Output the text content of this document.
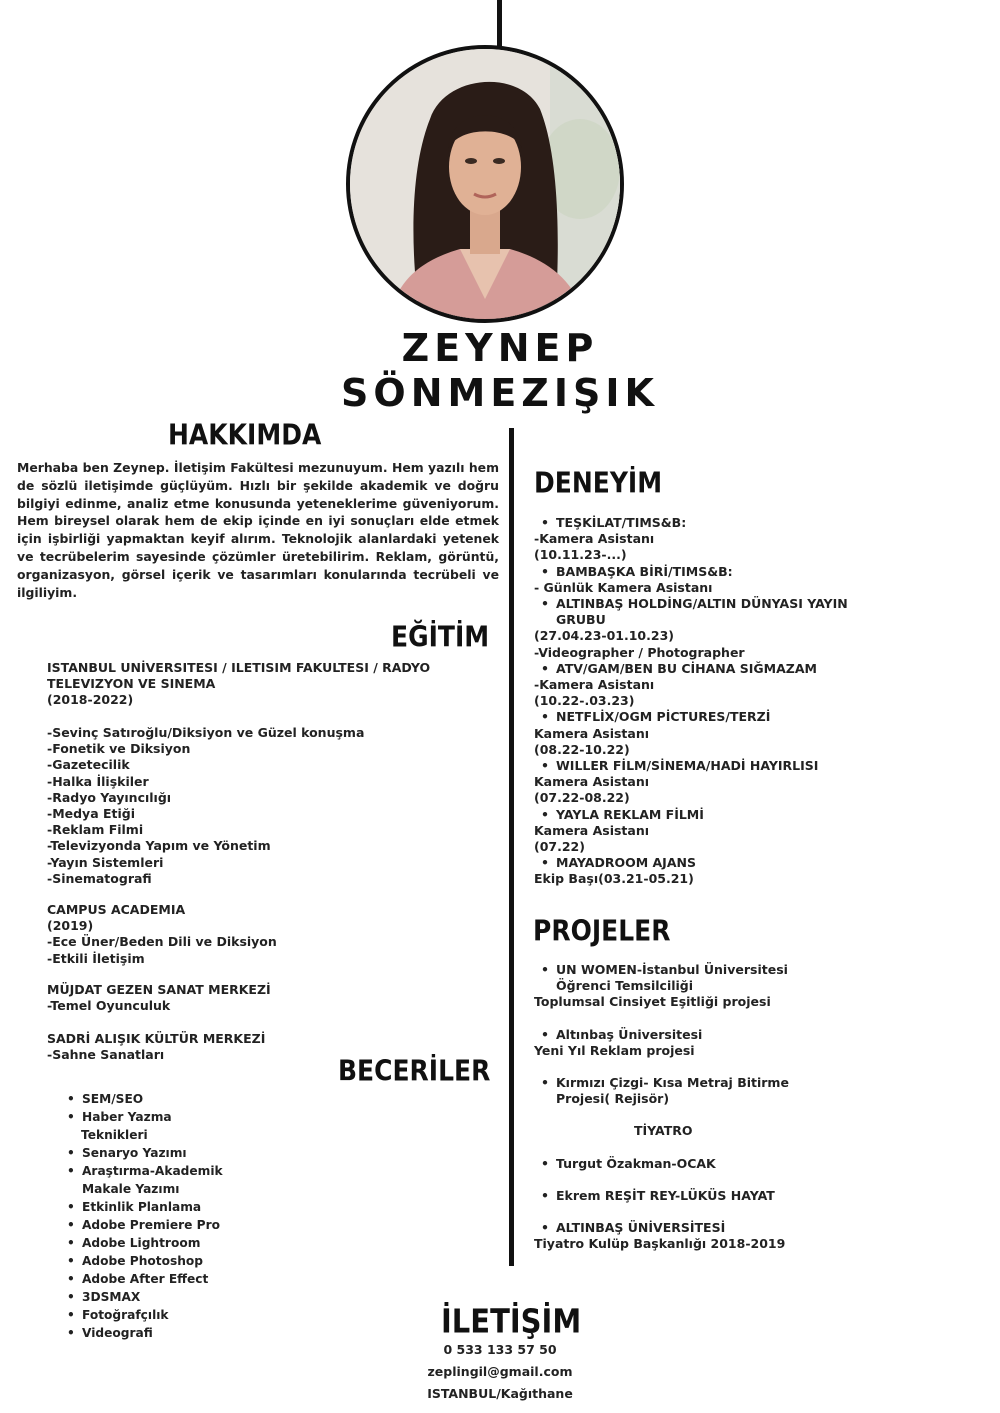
ZEYNEP
SÖNMEZIŞIK
HAKKIMDA
Merhaba ben Zeynep. İletişim Fakültesi mezunuyum. Hem yazılı hem de sözlü iletişimde güçlüyüm. Hızlı bir şekilde akademik ve doğru bilgiyi edinme, analiz etme konusunda yeteneklerime güveniyorum. Hem bireysel olarak hem de ekip içinde en iyi sonuçları elde etmek için işbirliği yapmaktan keyif alırım. Teknolojik alanlardaki yetenek ve tecrübelerim sayesinde çözümler üretebilirim. Reklam, görüntü, organizasyon, görsel içerik ve tasarımları konularında tecrübeli ve ilgiliyim.
EĞİTİM
ISTANBUL UNİVERSITESI / ILETISIM FAKULTESI / RADYO
TELEVIZYON VE SINEMA
(2018-2022)
-Sevinç Satıroğlu/Diksiyon ve Güzel konuşma
-Fonetik ve Diksiyon
-Gazetecilik
-Halka İlişkiler
-Radyo Yayıncılığı
-Medya Etiği
-Reklam Filmi
-Televizyonda Yapım ve Yönetim
-Yayın Sistemleri
-Sinematografi
CAMPUS ACADEMIA
(2019)
-Ece Üner/Beden Dili ve Diksiyon
-Etkili İletişim
MÜJDAT GEZEN SANAT MERKEZİ
-Temel Oyunculuk
SADRİ ALIŞIK KÜLTÜR MERKEZİ
-Sahne Sanatları	BECERİLER
• SEM/SEO
• Haber Yazma
Teknikleri
• Senaryo Yazımı
• Araştırma-Akademik
Makale Yazımı
• Etkinlik Planlama
• Adobe Premiere Pro
• Adobe Lightroom
• Adobe Photoshop
• Adobe After Effect
• 3DSMAX
• Fotoğrafçılık
• Videografi
DENEYİM
• TEŞKİLAT/TIMS&B:
-Kamera Asistanı
(10.11.23-...)
• BAMBAŞKA BİRİ/TIMS&B:
- Günlük Kamera Asistanı
• ALTINBAŞ HOLDİNG/ALTIN DÜNYASI YAYIN
GRUBU
(27.04.23-01.10.23)
-Videographer / Photographer
• ATV/GAM/BEN BU CİHANA SIĞMAZAM
-Kamera Asistanı
(10.22-.03.23)
• NETFLİX/OGM PİCTURES/TERZİ
Kamera Asistanı
(08.22-10.22)
• WILLER FİLM/SİNEMA/HADİ HAYIRLISI
Kamera Asistanı
(07.22-08.22)
• YAYLA REKLAM FİLMİ
Kamera Asistanı
(07.22)
• MAYADROOM AJANS
Ekip Başı(03.21-05.21)
PROJELER
• UN WOMEN-İstanbul Üniversitesi
Öğrenci Temsilciliği
Toplumsal Cinsiyet Eşitliği projesi
• Altınbaş Üniversitesi
Yeni Yıl Reklam projesi
• Kırmızı Çizgi- Kısa Metraj Bitirme
Projesi( Rejisör)
TİYATRO
• Turgut Özakman-OCAK
• Ekrem REŞİT REY-LÜKÜS HAYAT
• ALTINBAŞ ÜNİVERSİTESİ
Tiyatro Kulüp Başkanlığı 2018-2019
İLETİŞİM
0 533 133 57 50
zeplingil@gmail.com
ISTANBUL/Kağıthane
